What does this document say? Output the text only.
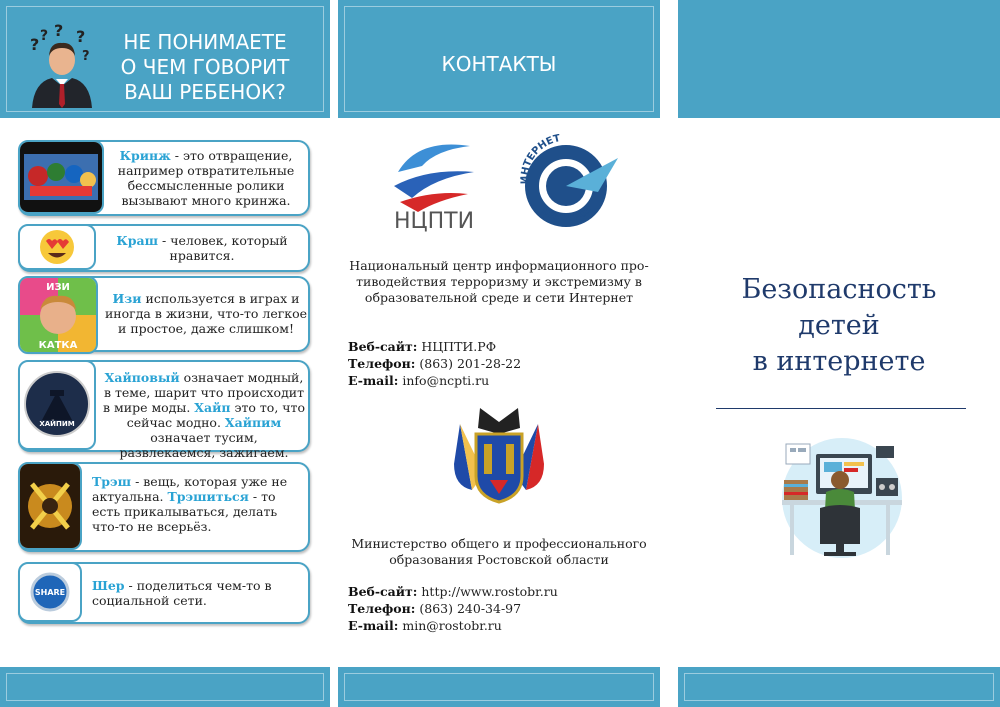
? ? ? ?
?
НЕ ПОНИМАЕТЕ
О ЧЕМ ГОВОРИТ
ВАШ РЕБЕНОК?
Кринж - это отвращение, например отвратительные бессмысленные ролики вызывают много кринжа.
Краш - человек, который нравится.
ИЗИ
КАТКА
Изи используется в играх и иногда в жизни, что-то легкое и простое, даже слишком!
ХАЙПИМ
Хайповый означает модный, в теме, шарит что происходит в мире моды. Хайп это то, что сейчас модно. Хайпим означает тусим, развлекаемся, зажигаем.
Трэш - вещь, которая уже не актуальна. Трэшиться - то есть прикалываться, делать что-то не всерьёз.
SHARE Шер - поделиться чем-то в социальной сети.
КОНТАКТЫ
НЦПТИ
ИНТЕРНЕТ
БЕЗ УГРОЗ
Национальный центр информационного про-
тиводействия терроризму и экстремизму в
образовательной среде и сети Интернет
Веб-сайт: НЦПТИ.РФ
Телефон: (863) 201-28-22
E-mail: info@ncpti.ru
Министерство общего и профессионального
образования Ростовской области
Веб-сайт: http://www.rostobr.ru
Телефон: (863) 240-34-97
E-mail: min@rostobr.ru
Безопасность
детей
в интернете
